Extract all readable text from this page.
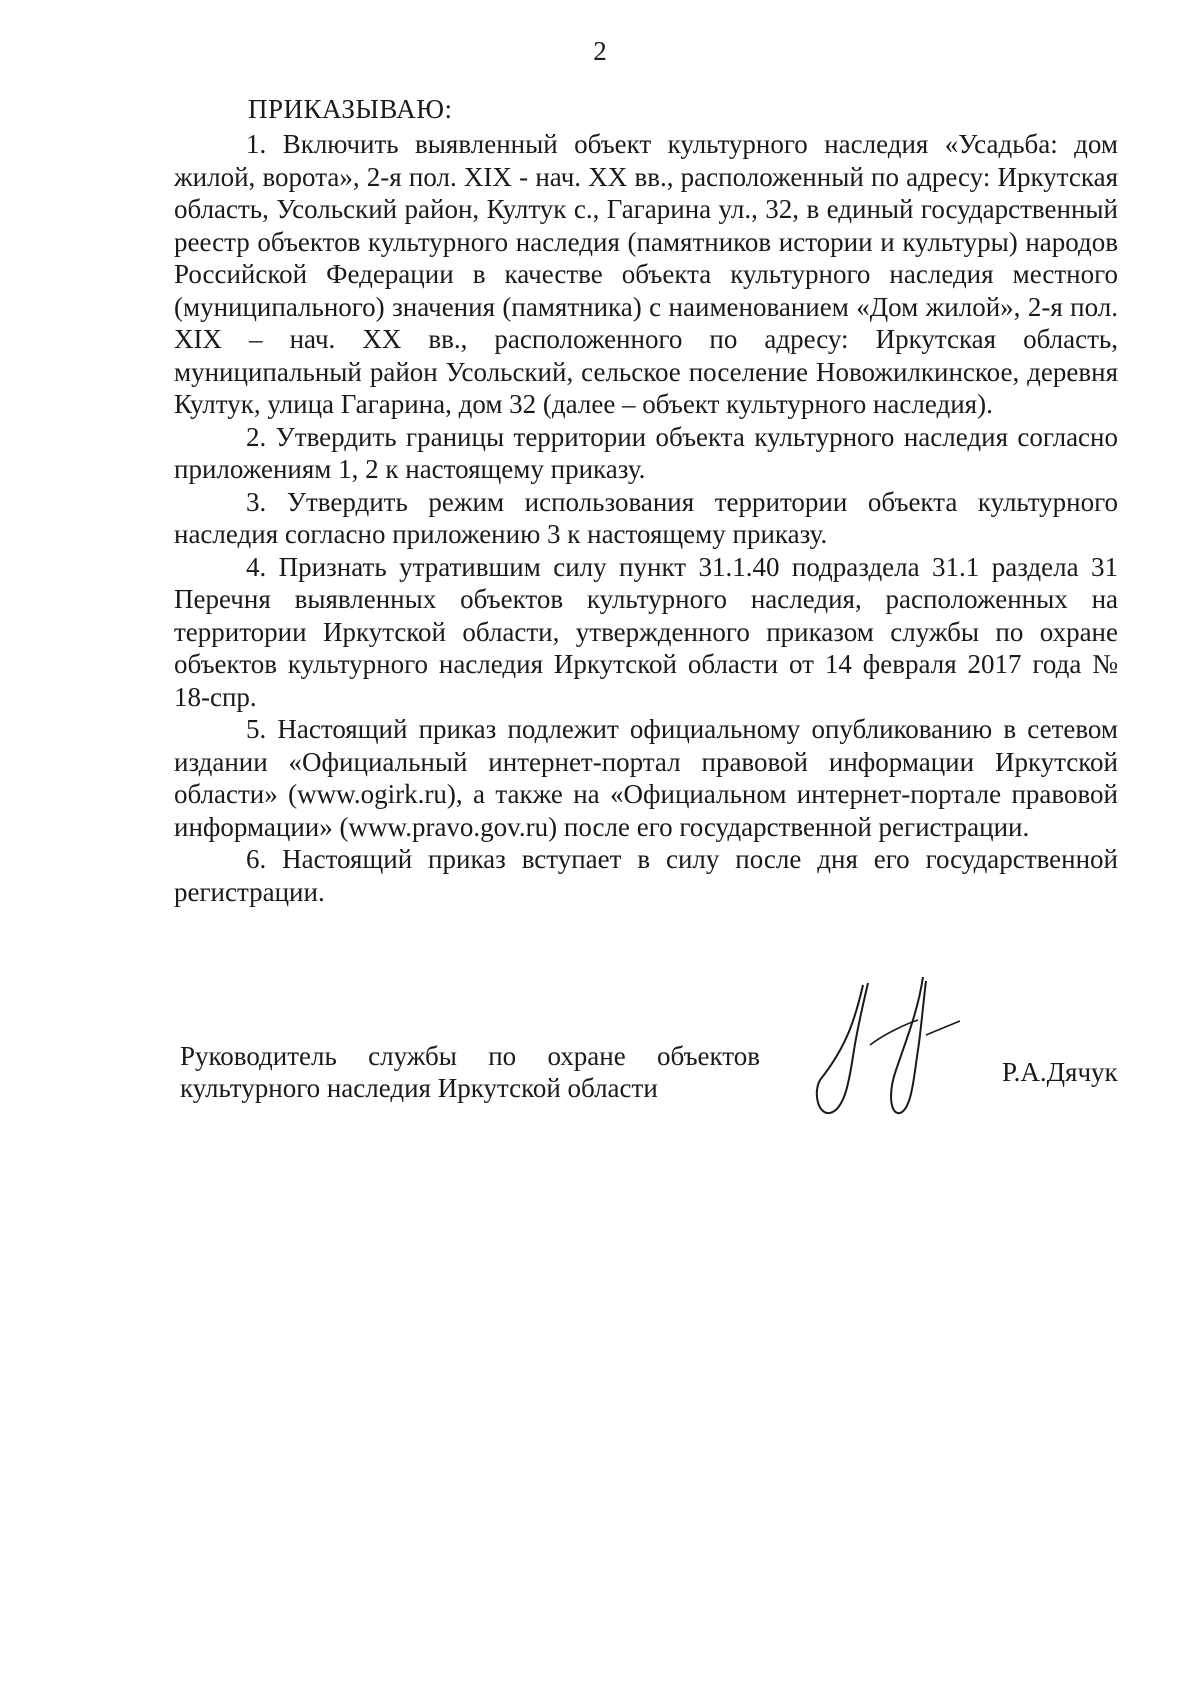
2
ПРИКАЗЫВАЮ:

1. Включить выявленный объект культурного наследия «Усадьба: дом жилой, ворота», 2-я пол. XIX - нач. XX вв., расположенный по адресу: Иркутская область, Усольский район, Култук с., Гагарина ул., 32, в единый государственный реестр объектов культурного наследия (памятников истории и культуры) народов Российской Федерации в качестве объекта культурного наследия местного (муниципального) значения (памятника) с наименованием «Дом жилой», 2-я пол. XIX – нач. XX вв., расположенного по адресу: Иркутская область, муниципальный район Усольский, сельское поселение Новожилкинское, деревня Култук, улица Гагарина, дом 32 (далее – объект культурного наследия).

2. Утвердить границы территории объекта культурного наследия согласно приложениям 1, 2 к настоящему приказу.

3. Утвердить режим использования территории объекта культурного наследия согласно приложению 3 к настоящему приказу.

4. Признать утратившим силу пункт 31.1.40 подраздела 31.1 раздела 31 Перечня выявленных объектов культурного наследия, расположенных на территории Иркутской области, утвержденного приказом службы по охране объектов культурного наследия Иркутской области от 14 февраля 2017 года № 18-спр.

5. Настоящий приказ подлежит официальному опубликованию в сетевом издании «Официальный интернет-портал правовой информации Иркутской области» (www.ogirk.ru), а также на «Официальном интернет-портале правовой информации» (www.pravo.gov.ru) после его государственной регистрации.

6. Настоящий приказ вступает в силу после дня его государственной регистрации.

Руководитель службы по охране объектов культурного наследия Иркутской области
Р.А.Дячук
